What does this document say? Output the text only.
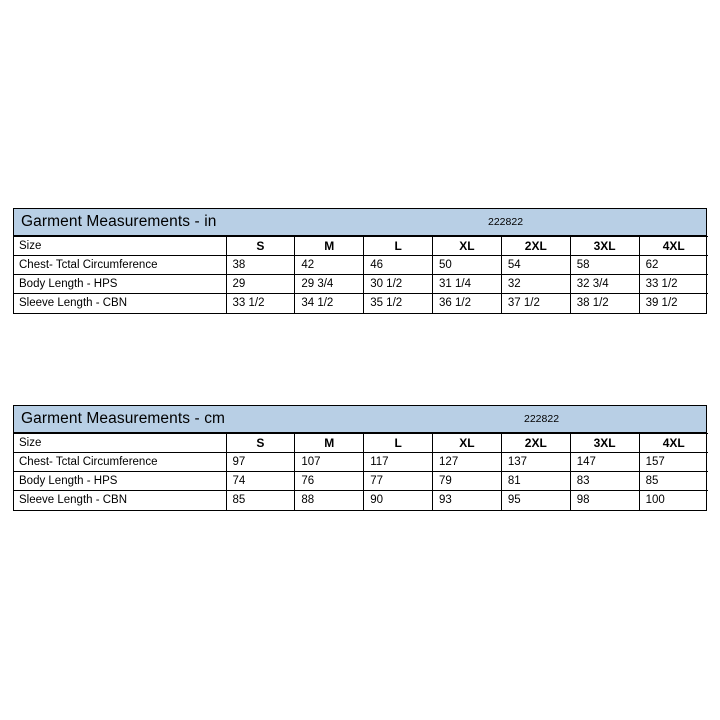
Garment Measurements - in	222822
Size	S	M	L	XL	2XL	3XL	4XL
Chest- Tctal Circumference	38	42	46	50	54	58	62
Body Length - HPS	29	29 3/4	30 1/2	31 1/4	32	32 3/4	33 1/2
Sleeve Length - CBN	33 1/2	34 1/2	35 1/2	36 1/2	37 1/2	38 1/2	39 1/2
Garment Measurements - cm	222822
Size	S	M	L	XL	2XL	3XL	4XL
Chest- Tctal Circumference	97	107	117	127	137	147	157
Body Length - HPS	74	76	77	79	81	83	85
Sleeve Length - CBN	85	88	90	93	95	98	100
